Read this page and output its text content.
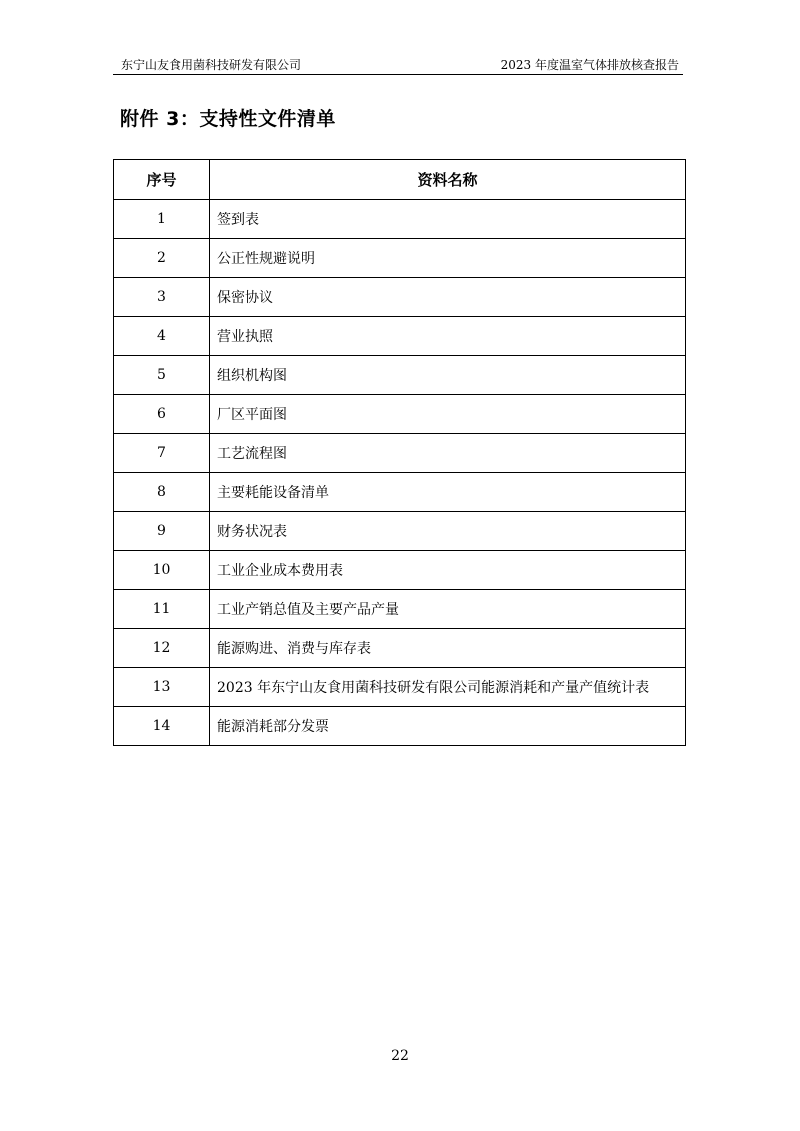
东宁山友食用菌科技研发有限公司	2023 年度温室气体排放核查报告
附件 3：支持性文件清单
序号	资料名称
1	签到表
2	公正性规避说明
3	保密协议
4	营业执照
5	组织机构图
6	厂区平面图
7	工艺流程图
8	主要耗能设备清单
9	财务状况表
10	工业企业成本费用表
11	工业产销总值及主要产品产量
12	能源购进、消费与库存表
13	2023 年东宁山友食用菌科技研发有限公司能源消耗和产量产值统计表
14	能源消耗部分发票
22
